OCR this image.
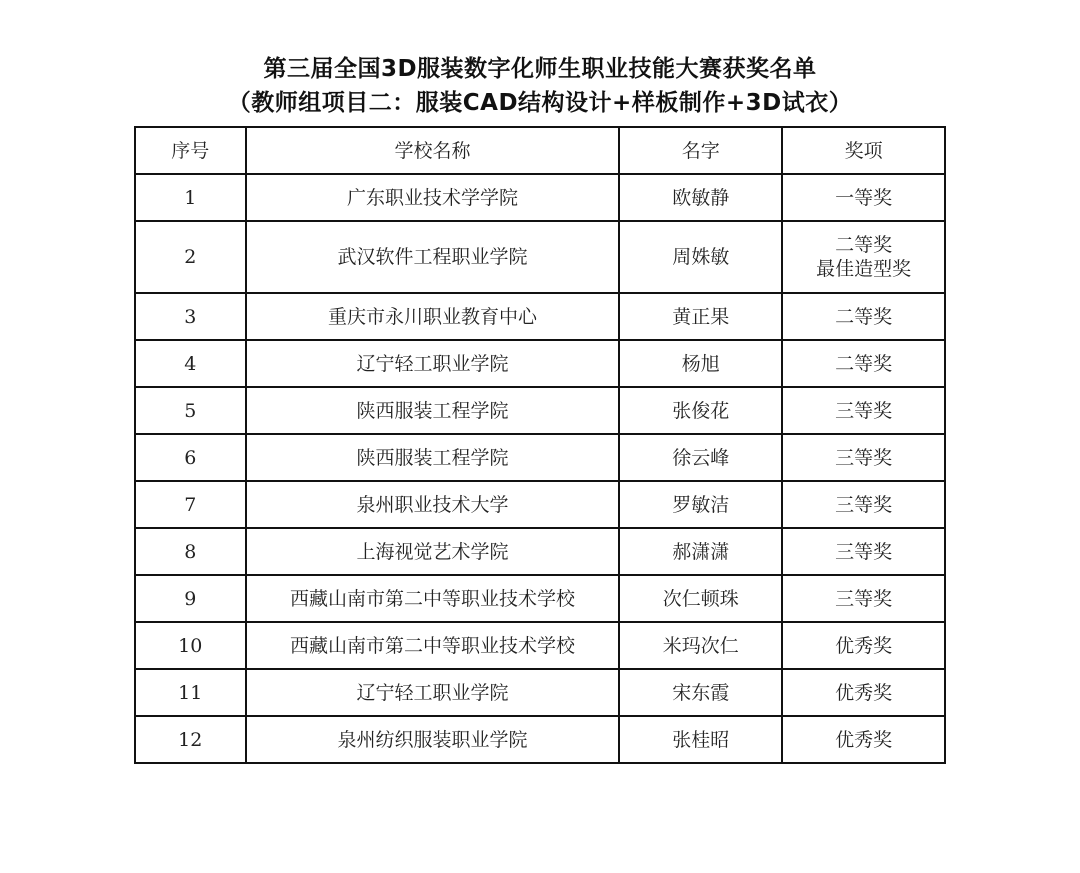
第三届全国3D服装数字化师生职业技能大赛获奖名单
（教师组项目二：服装CAD结构设计+样板制作+3D试衣）
序号	学校名称	名字	奖项
1	广东职业技术学学院	欧敏静	一等奖

2	武汉软件工程职业学院	周姝敏	二等奖
最佳造型奖

3	重庆市永川职业教育中心	黄正果	二等奖

4	辽宁轻工职业学院	杨旭	二等奖

5	陕西服装工程学院	张俊花	三等奖

6	陕西服装工程学院	徐云峰	三等奖

7	泉州职业技术大学	罗敏洁	三等奖

8	上海视觉艺术学院	郝潇潇	三等奖

9	西藏山南市第二中等职业技术学校	次仁顿珠	三等奖

10	西藏山南市第二中等职业技术学校	米玛次仁	优秀奖

11	辽宁轻工职业学院	宋东霞	优秀奖

12	泉州纺织服装职业学院	张桂昭	优秀奖
